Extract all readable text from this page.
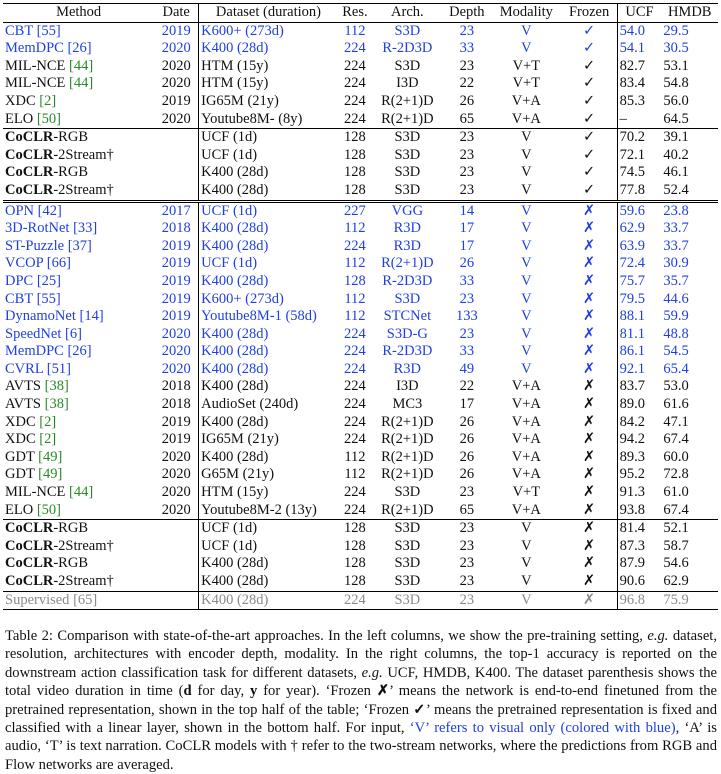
Method	Date	Dataset (duration)	Res.	Arch.	Depth	Modality	Frozen	UCF	HMDB
CBT [55]	2019	K600+ (273d)	112	S3D	23	V	✓	54.0	29.5
MemDPC [26]	2020	K400 (28d)	224	R-2D3D	33	V	✓	54.1	30.5
MIL-NCE [44]	2020	HTM (15y)	224	S3D	23	V+T	✓	82.7	53.1
MIL-NCE [44]	2020	HTM (15y)	224	I3D	22	V+T	✓	83.4	54.8
XDC [2]	2019	IG65M (21y)	224	R(2+1)D	26	V+A	✓	85.3	56.0
ELO [50]	2020	Youtube8M- (8y)	224	R(2+1)D	65	V+A	✓	–	64.5
CoCLR-RGB		UCF (1d)	128	S3D	23	V	✓	70.2	39.1
CoCLR-2Stream†		UCF (1d)	128	S3D	23	V	✓	72.1	40.2
CoCLR-RGB		K400 (28d)	128	S3D	23	V	✓	74.5	46.1
CoCLR-2Stream†		K400 (28d)	128	S3D	23	V	✓	77.8	52.4
OPN [42]	2017	UCF (1d)	227	VGG	14	V	✗	59.6	23.8
3D-RotNet [33]	2018	K400 (28d)	112	R3D	17	V	✗	62.9	33.7
ST-Puzzle [37]	2019	K400 (28d)	224	R3D	17	V	✗	63.9	33.7
VCOP [66]	2019	UCF (1d)	112	R(2+1)D	26	V	✗	72.4	30.9
DPC [25]	2019	K400 (28d)	128	R-2D3D	33	V	✗	75.7	35.7
CBT [55]	2019	K600+ (273d)	112	S3D	23	V	✗	79.5	44.6
DynamoNet [14]	2019	Youtube8M-1 (58d)	112	STCNet	133	V	✗	88.1	59.9
SpeedNet [6]	2020	K400 (28d)	224	S3D-G	23	V	✗	81.1	48.8
MemDPC [26]	2020	K400 (28d)	224	R-2D3D	33	V	✗	86.1	54.5
CVRL [51]	2020	K400 (28d)	224	R3D	49	V	✗	92.1	65.4
AVTS [38]	2018	K400 (28d)	224	I3D	22	V+A	✗	83.7	53.0
AVTS [38]	2018	AudioSet (240d)	224	MC3	17	V+A	✗	89.0	61.6
XDC [2]	2019	K400 (28d)	224	R(2+1)D	26	V+A	✗	84.2	47.1
XDC [2]	2019	IG65M (21y)	224	R(2+1)D	26	V+A	✗	94.2	67.4
GDT [49]	2020	K400 (28d)	112	R(2+1)D	26	V+A	✗	89.3	60.0
GDT [49]	2020	G65M (21y)	112	R(2+1)D	26	V+A	✗	95.2	72.8
MIL-NCE [44]	2020	HTM (15y)	224	S3D	23	V+T	✗	91.3	61.0
ELO [50]	2020	Youtube8M-2 (13y)	224	R(2+1)D	65	V+A	✗	93.8	67.4
CoCLR-RGB		UCF (1d)	128	S3D	23	V	✗	81.4	52.1
CoCLR-2Stream†		UCF (1d)	128	S3D	23	V	✗	87.3	58.7
CoCLR-RGB		K400 (28d)	128	S3D	23	V	✗	87.9	54.6
CoCLR-2Stream†		K400 (28d)	128	S3D	23	V	✗	90.6	62.9
Supervised [65]		K400 (28d)	224	S3D	23	V	✗	96.8	75.9
Table 2: Comparison with state-of-the-art approaches. In the left columns, we show the pre-training setting, e.g. dataset, resolution, architectures with encoder depth, modality. In the right columns, the top-1 accuracy is reported on the downstream action classification task for different datasets, e.g. UCF, HMDB, K400. The dataset parenthesis shows the total video duration in time (d for day, y for year). ‘Frozen ✗’ means the network is end-to-end finetuned from the pretrained representation, shown in the top half of the table; ‘Frozen ✓’ means the pretrained representation is fixed and classified with a linear layer, shown in the bottom half. For input, ‘V’ refers to visual only (colored with blue), ‘A’ is audio, ‘T’ is text narration. CoCLR models with † refer to the two-stream networks, where the predictions from RGB and Flow networks are averaged.
